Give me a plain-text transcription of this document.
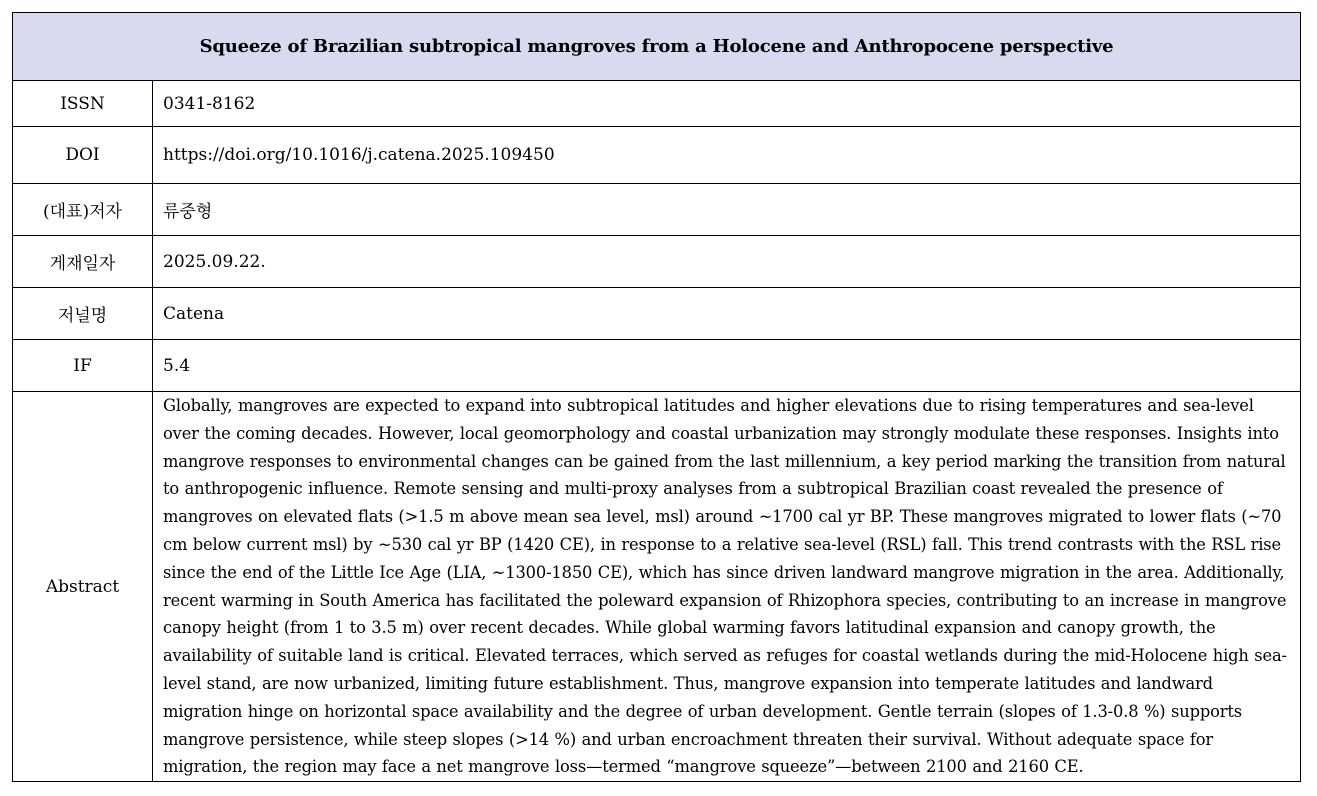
Squeeze of Brazilian subtropical mangroves from a Holocene and Anthropocene perspective	
ISSN	0341-8162
DOI	https://doi.org/10.1016/j.catena.2025.109450
(대표)저자	류중형
게재일자	2025.09.22.
저널명	Catena
IF	5.4
Abstract	Globally, mangroves are expected to expand into subtropical latitudes and higher elevations due to rising temperatures and sea-level over the coming decades. However, local geomorphology and coastal urbanization may strongly modulate these responses. Insights into mangrove responses to environmental changes can be gained from the last millennium, a key period marking the transition from natural to anthropogenic influence. Remote sensing and multi-proxy analyses from a subtropical Brazilian coast revealed the presence of mangroves on elevated flats (>1.5 m above mean sea level, msl) around ~1700 cal yr BP. These mangroves migrated to lower flats (~70 cm below current msl) by ~530 cal yr BP (1420 CE), in response to a relative sea-level (RSL) fall. This trend contrasts with the RSL rise since the end of the Little Ice Age (LIA, ~1300-1850 CE), which has since driven landward mangrove migration in the area. Additionally, recent warming in South America has facilitated the poleward expansion of Rhizophora species, contributing to an increase in mangrove canopy height (from 1 to 3.5 m) over recent decades. While global warming favors latitudinal expansion and canopy growth, the availability of suitable land is critical. Elevated terraces, which served as refuges for coastal wetlands during the mid-Holocene high sea-level stand, are now urbanized, limiting future establishment. Thus, mangrove expansion into temperate latitudes and landward migration hinge on horizontal space availability and the degree of urban development. Gentle terrain (slopes of 1.3-0.8 %) supports mangrove persistence, while steep slopes (>14 %) and urban encroachment threaten their survival. Without adequate space for migration, the region may face a net mangrove loss—termed “mangrove squeeze”—between 2100 and 2160 CE.
